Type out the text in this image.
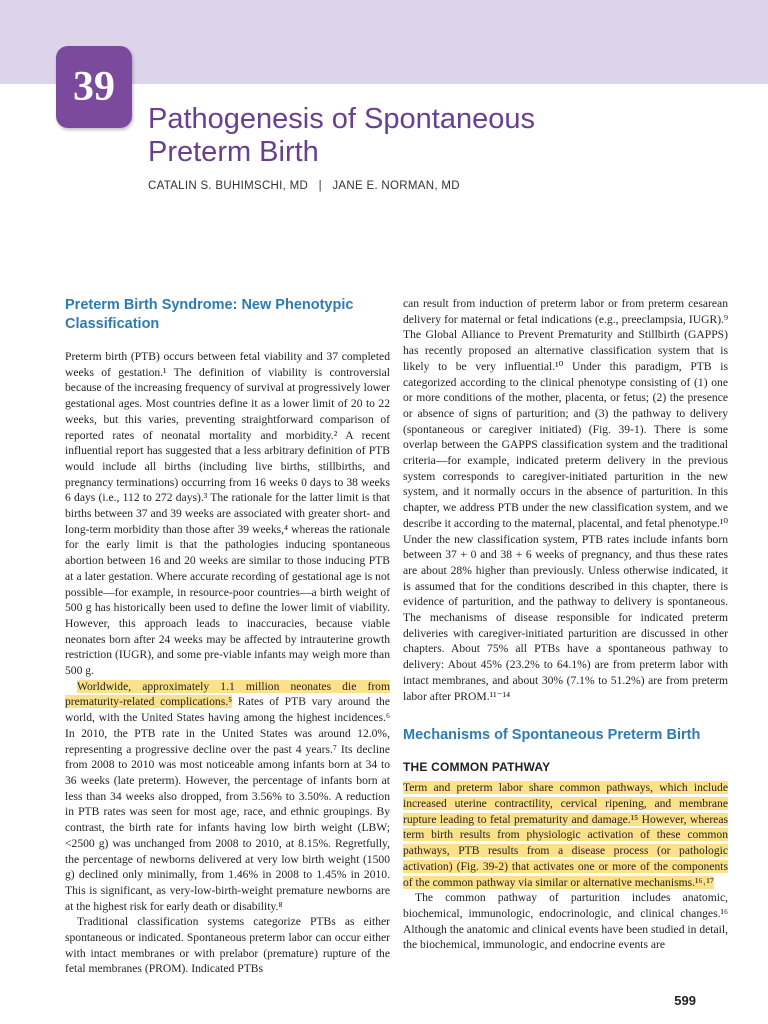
39
Pathogenesis of Spontaneous
Preterm Birth
CATALIN S. BUHIMSCHI, MD   |   JANE E. NORMAN, MD
Preterm Birth Syndrome: New Phenotypic Classification

Preterm birth (PTB) occurs between fetal viability and 37 completed weeks of gestation.¹ The definition of viability is controversial because of the increasing frequency of survival at progressively lower gestational ages. Most countries define it as a lower limit of 20 to 22 weeks, but this varies, preventing straightforward comparison of reported rates of neonatal mortality and morbidity.² A recent influential report has suggested that a less arbitrary definition of PTB would include all births (including live births, stillbirths, and pregnancy terminations) occurring from 16 weeks 0 days to 38 weeks 6 days (i.e., 112 to 272 days).³ The rationale for the latter limit is that births between 37 and 39 weeks are associated with greater short- and long-term morbidity than those after 39 weeks,⁴ whereas the rationale for the early limit is that the pathologies inducing spontaneous abortion between 16 and 20 weeks are similar to those inducing PTB at a later gestation. Where accurate recording of gestational age is not possible—for example, in resource-poor countries—a birth weight of 500 g has historically been used to define the lower limit of viability. However, this approach leads to inaccuracies, because viable neonates born after 24 weeks may be affected by intrauterine growth restriction (IUGR), and some pre-viable infants may weigh more than 500 g.

Worldwide, approximately 1.1 million neonates die from prematurity-related complications.⁵ Rates of PTB vary around the world, with the United States having among the highest incidences.⁶ In 2010, the PTB rate in the United States was around 12.0%, representing a progressive decline over the past 4 years.⁷ Its decline from 2008 to 2010 was most noticeable among infants born at 34 to 36 weeks (late preterm). However, the percentage of infants born at less than 34 weeks also dropped, from 3.56% to 3.50%. A reduction in PTB rates was seen for most age, race, and ethnic groupings. By contrast, the birth rate for infants having low birth weight (LBW; <2500 g) was unchanged from 2008 to 2010, at 8.15%. Regretfully, the percentage of newborns delivered at very low birth weight (1500 g) declined only minimally, from 1.46% in 2008 to 1.45% in 2010. This is significant, as very-low-birth-weight premature newborns are at the highest risk for early death or disability.⁸

Traditional classification systems categorize PTBs as either spontaneous or indicated. Spontaneous preterm labor can occur either with intact membranes or with prelabor (premature) rupture of the fetal membranes (PROM). Indicated PTBs

can result from induction of preterm labor or from preterm cesarean delivery for maternal or fetal indications (e.g., preeclampsia, IUGR).⁹ The Global Alliance to Prevent Prematurity and Stillbirth (GAPPS) has recently proposed an alternative classification system that is likely to be very influential.¹⁰ Under this paradigm, PTB is categorized according to the clinical phenotype consisting of (1) one or more conditions of the mother, placenta, or fetus; (2) the presence or absence of signs of parturition; and (3) the pathway to delivery (spontaneous or caregiver initiated) (Fig. 39-1). There is some overlap between the GAPPS classification system and the traditional criteria—for example, indicated preterm delivery in the previous system corresponds to caregiver-initiated parturition in the new system, and it normally occurs in the absence of parturition. In this chapter, we address PTB under the new classification system, and we describe it according to the maternal, placental, and fetal phenotype.¹⁰ Under the new classification system, PTB rates include infants born between 37 + 0 and 38 + 6 weeks of pregnancy, and thus these rates are about 28% higher than previously. Unless otherwise indicated, it is assumed that for the conditions described in this chapter, there is evidence of parturition, and the pathway to delivery is spontaneous. The mechanisms of disease responsible for indicated preterm deliveries with caregiver-initiated parturition are discussed in other chapters. About 75% all PTBs have a spontaneous pathway to delivery: About 45% (23.2% to 64.1%) are from preterm labor with intact membranes, and about 30% (7.1% to 51.2%) are from preterm labor after PROM.¹¹⁻¹⁴

Mechanisms of Spontaneous Preterm Birth
THE COMMON PATHWAY

Term and preterm labor share common pathways, which include increased uterine contractility, cervical ripening, and membrane rupture leading to fetal prematurity and damage.¹⁵ However, whereas term birth results from physiologic activation of these common pathways, PTB results from a disease process (or pathologic activation) (Fig. 39-2) that activates one or more of the components of the common pathway via similar or alternative mechanisms.¹⁶˒¹⁷

The common pathway of parturition includes anatomic, biochemical, immunologic, endocrinologic, and clinical changes.¹⁶ Although the anatomic and clinical events have been studied in detail, the biochemical, immunologic, and endocrine events are

599
